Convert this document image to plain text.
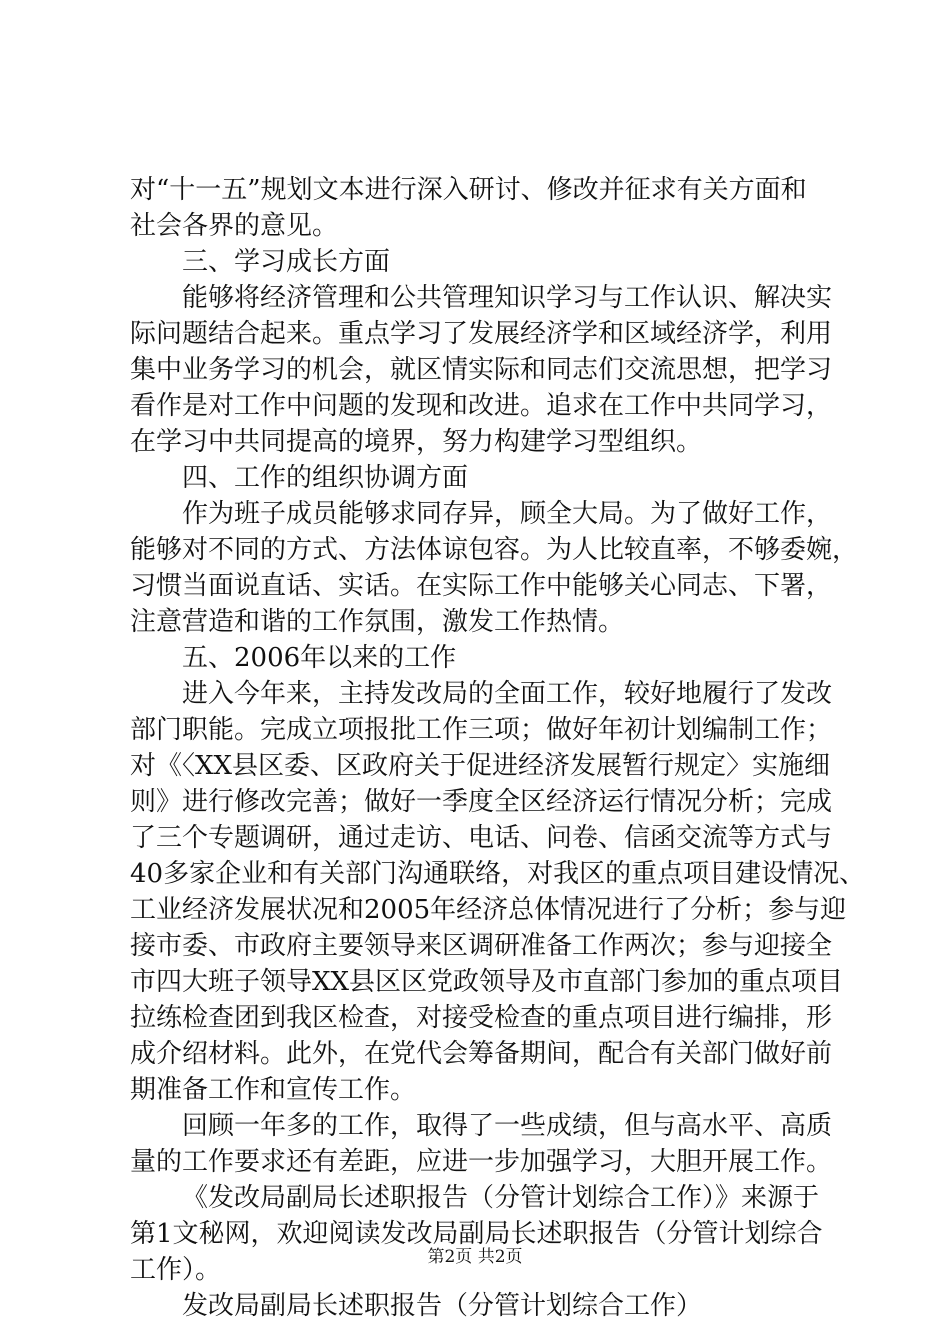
对“十一五”规划文本进行深入研讨、修改并征求有关方面和
社会各界的意见。
三、学习成长方面
能够将经济管理和公共管理知识学习与工作认识、解决实
际问题结合起来。重点学习了发展经济学和区域经济学，利用
集中业务学习的机会，就区情实际和同志们交流思想，把学习
看作是对工作中问题的发现和改进。追求在工作中共同学习，
在学习中共同提高的境界，努力构建学习型组织。
四、工作的组织协调方面
作为班子成员能够求同存异，顾全大局。为了做好工作，
能够对不同的方式、方法体谅包容。为人比较直率，不够委婉，
习惯当面说直话、实话。在实际工作中能够关心同志、下署，
注意营造和谐的工作氛围，激发工作热情。
五、2006年以来的工作
进入今年来，主持发改局的全面工作，较好地履行了发改
部门职能。完成立项报批工作三项；做好年初计划编制工作；
对《〈XX县区委、区政府关于促进经济发展暂行规定〉实施细
则》进行修改完善；做好一季度全区经济运行情况分析；完成
了三个专题调研，通过走访、电话、问卷、信函交流等方式与
40多家企业和有关部门沟通联络，对我区的重点项目建设情况、
工业经济发展状况和2005年经济总体情况进行了分析；参与迎
接市委、市政府主要领导来区调研准备工作两次；参与迎接全
市四大班子领导XX县区区党政领导及市直部门参加的重点项目
拉练检查团到我区检查，对接受检查的重点项目进行编排，形
成介绍材料。此外，在党代会筹备期间，配合有关部门做好前
期准备工作和宣传工作。
回顾一年多的工作，取得了一些成绩，但与高水平、高质
量的工作要求还有差距，应进一步加强学习，大胆开展工作。
《发改局副局长述职报告（分管计划综合工作）》来源于
第1文秘网，欢迎阅读发改局副局长述职报告（分管计划综合
工作）。
发改局副局长述职报告（分管计划综合工作）
第2页 共2页
